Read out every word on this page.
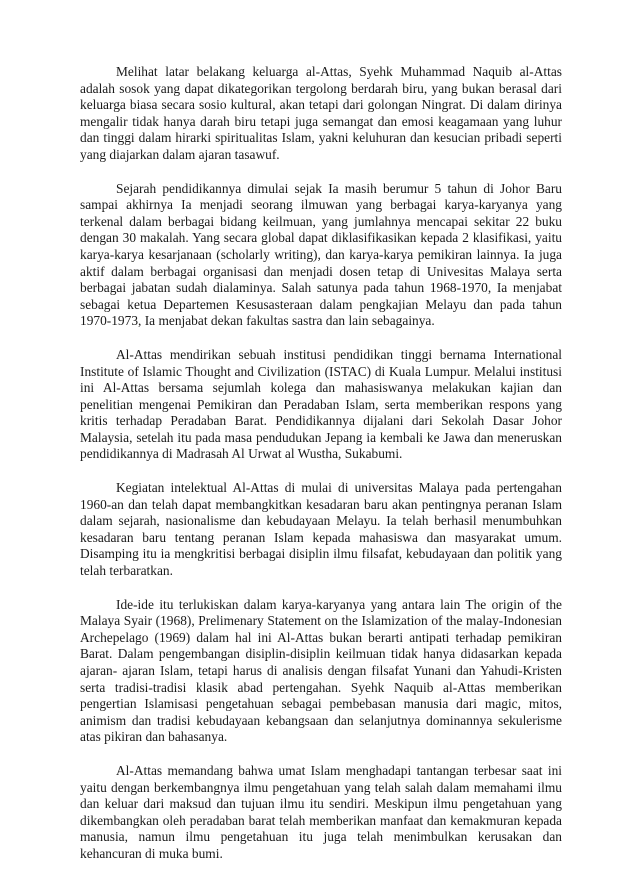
Melihat latar belakang keluarga al-Attas, Syehk Muhammad Naquib al-Attas adalah sosok yang dapat dikategorikan tergolong berdarah biru, yang bukan berasal dari keluarga biasa secara sosio kultural, akan tetapi dari golongan Ningrat. Di dalam dirinya mengalir tidak hanya darah biru tetapi juga semangat dan emosi keagamaan yang luhur dan tinggi dalam hirarki spiritualitas Islam, yakni keluhuran dan kesucian pribadi seperti yang diajarkan dalam ajaran tasawuf.

Sejarah pendidikannya dimulai sejak Ia masih berumur 5 tahun di Johor Baru sampai akhirnya Ia menjadi seorang ilmuwan yang berbagai karya-karyanya yang terkenal dalam berbagai bidang keilmuan, yang jumlahnya mencapai sekitar 22 buku dengan 30 makalah. Yang secara global dapat diklasifikasikan kepada 2 klasifikasi, yaitu karya-karya kesarjanaan (scholarly writing), dan karya-karya pemikiran lainnya. Ia juga aktif dalam berbagai organisasi dan menjadi dosen tetap di Univesitas Malaya serta berbagai jabatan sudah dialaminya. Salah satunya pada tahun 1968-1970, Ia menjabat sebagai ketua Departemen Kesusasteraan dalam pengkajian Melayu dan pada tahun 1970-1973, Ia menjabat dekan fakultas sastra dan lain sebagainya.

Al-Attas mendirikan sebuah institusi pendidikan tinggi bernama International Institute of Islamic Thought and Civilization (ISTAC) di Kuala Lumpur. Melalui institusi ini Al-Attas bersama sejumlah kolega dan mahasiswanya melakukan kajian dan penelitian mengenai Pemikiran dan Peradaban Islam, serta memberikan respons yang kritis terhadap Peradaban Barat. Pendidikannya dijalani dari Sekolah Dasar Johor Malaysia, setelah itu pada masa pendudukan Jepang ia kembali ke Jawa dan meneruskan pendidikannya di Madrasah Al Urwat al Wustha, Sukabumi.

Kegiatan intelektual Al-Attas di mulai di universitas Malaya pada pertengahan 1960-an dan telah dapat membangkitkan kesadaran baru akan pentingnya peranan Islam dalam sejarah, nasionalisme dan kebudayaan Melayu. Ia telah berhasil menumbuhkan kesadaran baru tentang peranan Islam kepada mahasiswa dan masyarakat umum. Disamping itu ia mengkritisi berbagai disiplin ilmu filsafat, kebudayaan dan politik yang telah terbaratkan.

Ide-ide itu terlukiskan dalam karya-karyanya yang antara lain The origin of the Malaya Syair (1968), Prelimenary Statement on the Islamization of the malay-Indonesian Archepelago (1969) dalam hal ini Al-Attas bukan berarti antipati terhadap pemikiran Barat. Dalam pengembangan disiplin-disiplin keilmuan tidak hanya didasarkan kepada ajaran- ajaran Islam, tetapi harus di analisis dengan filsafat Yunani dan Yahudi-Kristen serta tradisi-tradisi klasik abad pertengahan. Syehk Naquib al-Attas memberikan pengertian Islamisasi pengetahuan sebagai pembebasan manusia dari magic, mitos, animism dan tradisi kebudayaan kebangsaan dan selanjutnya dominannya sekulerisme atas pikiran dan bahasanya.

Al-Attas memandang bahwa umat Islam menghadapi tantangan terbesar saat ini yaitu dengan berkembangnya ilmu pengetahuan yang telah salah dalam memahami ilmu dan keluar dari maksud dan tujuan ilmu itu sendiri. Meskipun ilmu pengetahuan yang dikembangkan oleh peradaban barat telah memberikan manfaat dan kemakmuran kepada manusia, namun ilmu pengetahuan itu juga telah menimbulkan kerusakan dan kehancuran di muka bumi.
